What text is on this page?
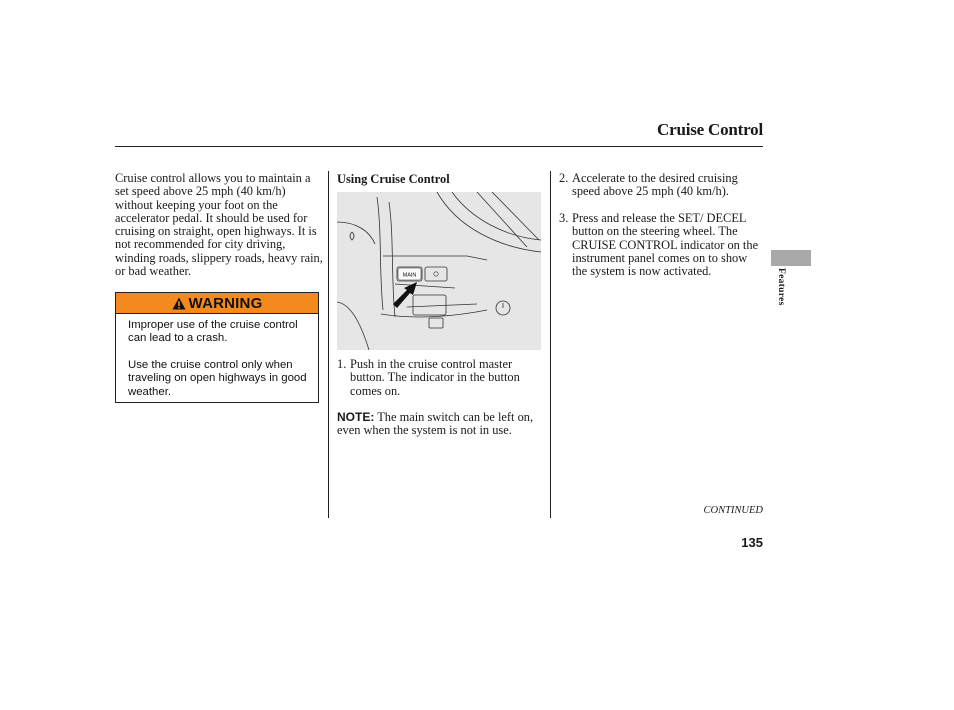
Cruise Control
Cruise control allows you to maintain a set speed above 25 mph (40 km/h) without keeping your foot on the accelerator pedal. It should be used for cruising on straight, open highways. It is not recommended for city driving, winding roads, slippery roads, heavy rain, or bad weather.
WARNING

Improper use of the cruise control can lead to a crash.

Use the cruise control only when traveling on open highways in good weather.

Using Cruise Control
MAIN
1. Push in the cruise control master button. The indicator in the button comes on.
NOTE: The main switch can be left on, even when the system is not in use.
2. Accelerate to the desired cruising speed above 25 mph (40 km/h).
3. Press and release the SET/ DECEL button on the steering wheel. The CRUISE CONTROL indicator on the instrument panel comes on to show the system is now activated.	Features
CONTINUED
135
